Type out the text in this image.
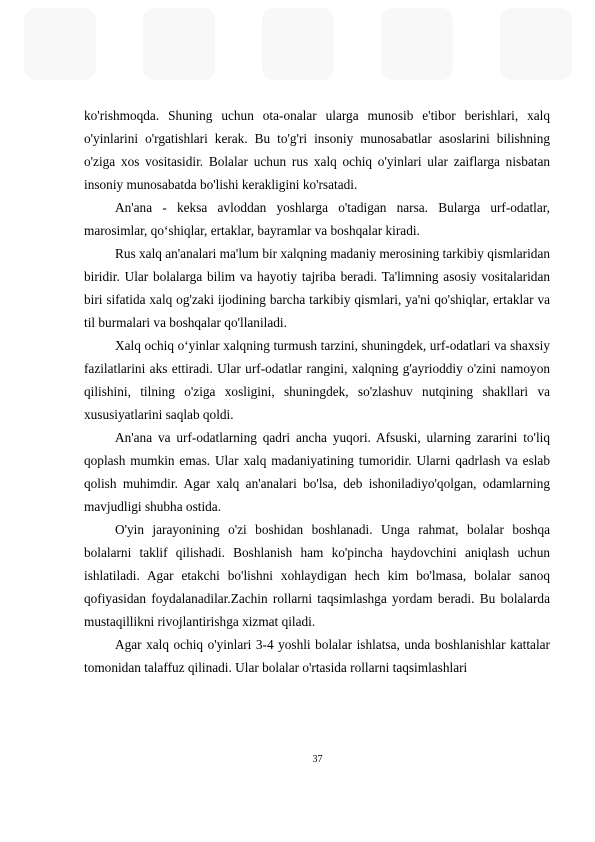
ko'rishmoqda. Shuning uchun ota-onalar ularga munosib e'tibor berishlari, xalq o'yinlarini o'rgatishlari kerak. Bu to'g'ri insoniy munosabatlar asoslarini bilishning o'ziga xos vositasidir. Bolalar uchun rus xalq ochiq o'yinlari ular zaiflarga nisbatan insoniy munosabatda bo'lishi kerakligini ko'rsatadi.

An'ana - keksa avloddan yoshlarga o'tadigan narsa. Bularga urf-odatlar, marosimlar, qo‘shiqlar, ertaklar, bayramlar va boshqalar kiradi.

Rus xalq an'analari ma'lum bir xalqning madaniy merosining tarkibiy qismlaridan biridir. Ular bolalarga bilim va hayotiy tajriba beradi. Ta'limning asosiy vositalaridan biri sifatida xalq og'zaki ijodining barcha tarkibiy qismlari, ya'ni qo'shiqlar, ertaklar va til burmalari va boshqalar qo'llaniladi.

Xalq ochiq o‘yinlar xalqning turmush tarzini, shuningdek, urf-odatlari va shaxsiy fazilatlarini aks ettiradi. Ular urf-odatlar rangini, xalqning g'ayrioddiy o'zini namoyon qilishini, tilning o'ziga xosligini, shuningdek, so'zlashuv nutqining shakllari va xususiyatlarini saqlab qoldi.

An'ana va urf-odatlarning qadri ancha yuqori. Afsuski, ularning zararini to'liq qoplash mumkin emas. Ular xalq madaniyatining tumoridir. Ularni qadrlash va eslab qolish muhimdir. Agar xalq an'analari bo'lsa, deb ishoniladiyo'qolgan, odamlarning mavjudligi shubha ostida.

O'yin jarayonining o'zi boshidan boshlanadi. Unga rahmat, bolalar boshqa bolalarni taklif qilishadi. Boshlanish ham ko'pincha haydovchini aniqlash uchun ishlatiladi. Agar etakchi bo'lishni xohlaydigan hech kim bo'lmasa, bolalar sanoq qofiyasidan foydalanadilar.Zachin rollarni taqsimlashga yordam beradi. Bu bolalarda mustaqillikni rivojlantirishga xizmat qiladi.

Agar xalq ochiq o'yinlari 3-4 yoshli bolalar ishlatsa, unda boshlanishlar kattalar tomonidan talaffuz qilinadi. Ular bolalar o'rtasida rollarni taqsimlashlari

37
